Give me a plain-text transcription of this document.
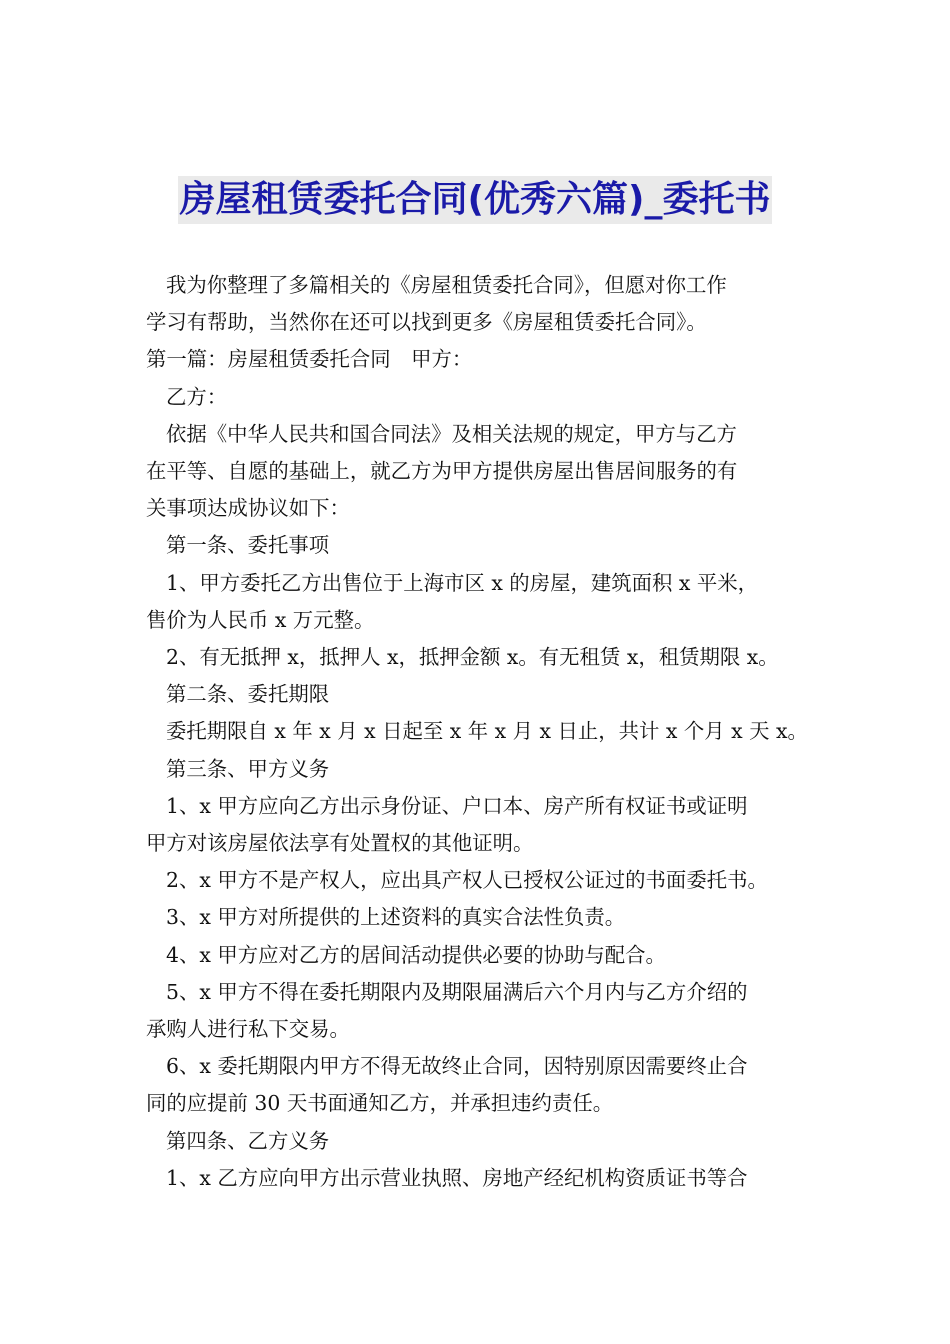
房屋租赁委托合同(优秀六篇)_委托书

我为你整理了多篇相关的《房屋租赁委托合同》，但愿对你工作

学习有帮助，当然你在还可以找到更多《房屋租赁委托合同》。

第一篇：房屋租赁委托合同　甲方：

乙方：

依据《中华人民共和国合同法》及相关法规的规定，甲方与乙方

在平等、自愿的基础上，就乙方为甲方提供房屋出售居间服务的有

关事项达成协议如下：

第一条、委托事项

1、甲方委托乙方出售位于上海市区 x 的房屋，建筑面积 x 平米，

售价为人民币 x 万元整。

2、有无抵押 x，抵押人 x，抵押金额 x。有无租赁 x，租赁期限 x。

第二条、委托期限

委托期限自 x 年 x 月 x 日起至 x 年 x 月 x 日止，共计 x 个月 x 天 x。

第三条、甲方义务

1、x 甲方应向乙方出示身份证、户口本、房产所有权证书或证明

甲方对该房屋依法享有处置权的其他证明。

2、x 甲方不是产权人，应出具产权人已授权公证过的书面委托书。

3、x 甲方对所提供的上述资料的真实合法性负责。

4、x 甲方应对乙方的居间活动提供必要的协助与配合。

5、x 甲方不得在委托期限内及期限届满后六个月内与乙方介绍的

承购人进行私下交易。

6、x 委托期限内甲方不得无故终止合同，因特别原因需要终止合

同的应提前 30 天书面通知乙方，并承担违约责任。

第四条、乙方义务

1、x 乙方应向甲方出示营业执照、房地产经纪机构资质证书等合
